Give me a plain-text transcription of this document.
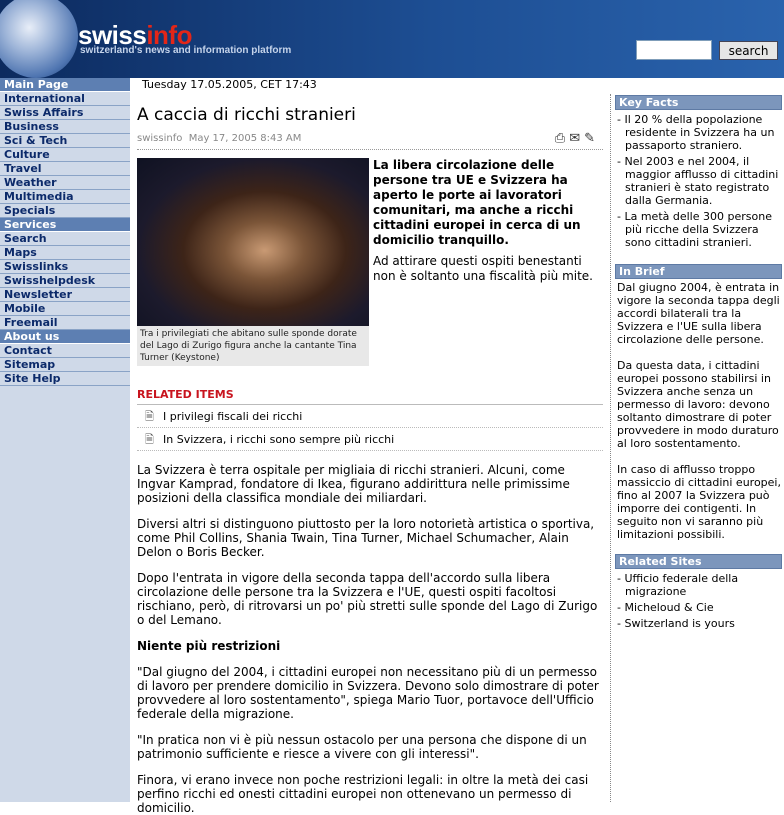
swissinfo
switzerland's news and information platform	search
Main Page
International
Swiss Affairs
Business
Sci & Tech
Culture
Travel
Weather
Multimedia
Specials
Services
Search
Maps
Swisslinks
Swisshelpdesk
Newsletter
Mobile
Freemail
About us
Contact
Sitemap
Site Help
Tuesday 17.05.2005, CET 17:43
A caccia di ricchi stranieri
swissinfo May 17, 2005 8:43 AM	⎙✉✎
Tra i privilegiati che abitano sulle sponde dorate del Lago di Zurigo figura anche la cantante Tina Turner (Keystone)
La libera circolazione delle persone tra UE e Svizzera ha aperto le porte ai lavoratori comunitari, ma anche a ricchi cittadini europei in cerca di un domicilio tranquillo.
Ad attirare questi ospiti benestanti non è soltanto una fiscalità più mite.
RELATED ITEMS
🗎 I privilegi fiscali dei ricchi
🗎 In Svizzera, i ricchi sono sempre più ricchi

La Svizzera è terra ospitale per migliaia di ricchi stranieri. Alcuni, come Ingvar Kamprad, fondatore di Ikea, figurano addirittura nelle primissime posizioni della classifica mondiale dei miliardari.

Diversi altri si distinguono piuttosto per la loro notorietà artistica o sportiva, come Phil Collins, Shania Twain, Tina Turner, Michael Schumacher, Alain Delon o Boris Becker.

Dopo l'entrata in vigore della seconda tappa dell'accordo sulla libera circolazione delle persone tra la Svizzera e l'UE, questi ospiti facoltosi rischiano, però, di ritrovarsi un po' più stretti sulle sponde del Lago di Zurigo o del Lemano.

Niente più restrizioni

"Dal giugno del 2004, i cittadini europei non necessitano più di un permesso di lavoro per prendere domicilio in Svizzera. Devono solo dimostrare di poter provvedere al loro sostentamento", spiega Mario Tuor, portavoce dell'Ufficio federale della migrazione.

"In pratica non vi è più nessun ostacolo per una persona che dispone di un patrimonio sufficiente e riesce a vivere con gli interessi".

Finora, vi erano invece non poche restrizioni legali: in oltre la metà dei casi perfino ricchi ed onesti cittadini europei non ottenevano un permesso di domicilio.

Key Facts
- Il 20 % della popolazione residente in Svizzera ha un passaporto straniero.
- Nel 2003 e nel 2004, il maggior afflusso di cittadini stranieri è stato registrato dalla Germania.
- La metà delle 300 persone più ricche della Svizzera sono cittadini stranieri.
In Brief

Dal giugno 2004, è entrata in vigore la seconda tappa degli accordi bilaterali tra la Svizzera e l'UE sulla libera circolazione delle persone.

Da questa data, i cittadini europei possono stabilirsi in Svizzera anche senza un permesso di lavoro: devono soltanto dimostrare di poter provvedere in modo duraturo al loro sostentamento.

In caso di afflusso troppo massiccio di cittadini europei, fino al 2007 la Svizzera può imporre dei contigenti. In seguito non vi saranno più limitazioni possibili.

Related Sites
- Ufficio federale della migrazione
- Micheloud & Cie
- Switzerland is yours
